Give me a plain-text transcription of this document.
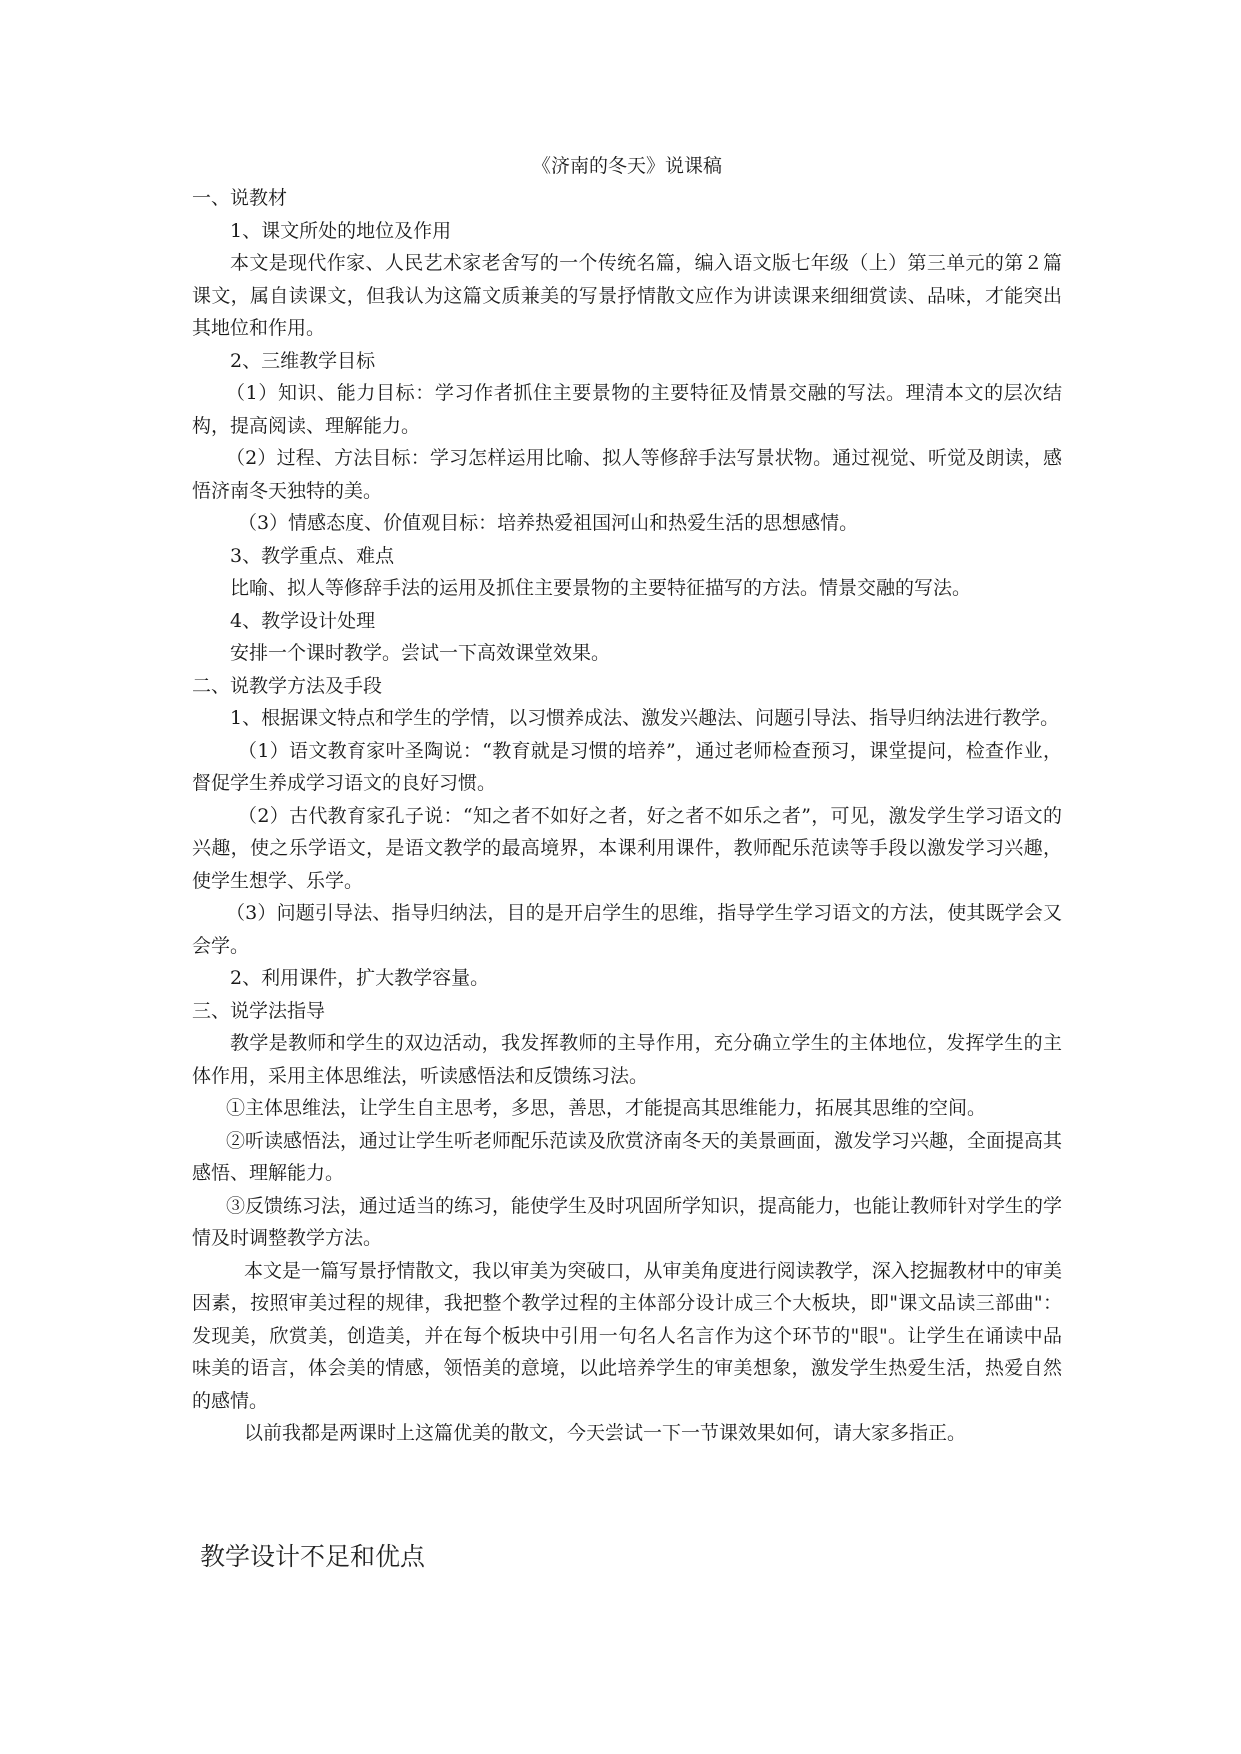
《济南的冬天》说课稿

一、说教材

1、课文所处的地位及作用

本文是现代作家、人民艺术家老舍写的一个传统名篇，编入语文版七年级（上）第三单元的第２篇课文，属自读课文，但我认为这篇文质兼美的写景抒情散文应作为讲读课来细细赏读、品味，才能突出其地位和作用。

2、三维教学目标

（1）知识、能力目标：学习作者抓住主要景物的主要特征及情景交融的写法。理清本文的层次结构，提高阅读、理解能力。

（2）过程、方法目标：学习怎样运用比喻、拟人等修辞手法写景状物。通过视觉、听觉及朗读，感悟济南冬天独特的美。

（3）情感态度、价值观目标：培养热爱祖国河山和热爱生活的思想感情。

3、教学重点、难点

比喻、拟人等修辞手法的运用及抓住主要景物的主要特征描写的方法。情景交融的写法。

4、教学设计处理

安排一个课时教学。尝试一下高效课堂效果。

二、说教学方法及手段

1、根据课文特点和学生的学情，以习惯养成法、激发兴趣法、问题引导法、指导归纳法进行教学。

（1）语文教育家叶圣陶说：“教育就是习惯的培养”，通过老师检查预习，课堂提问，检查作业，督促学生养成学习语文的良好习惯。

（2）古代教育家孔子说：“知之者不如好之者，好之者不如乐之者”，可见，激发学生学习语文的兴趣，使之乐学语文，是语文教学的最高境界，本课利用课件，教师配乐范读等手段以激发学习兴趣，使学生想学、乐学。

（3）问题引导法、指导归纳法，目的是开启学生的思维，指导学生学习语文的方法，使其既学会又会学。

2、利用课件，扩大教学容量。

三、说学法指导

教学是教师和学生的双边活动，我发挥教师的主导作用，充分确立学生的主体地位，发挥学生的主体作用，采用主体思维法，听读感悟法和反馈练习法。

①主体思维法，让学生自主思考，多思，善思，才能提高其思维能力，拓展其思维的空间。

②听读感悟法，通过让学生听老师配乐范读及欣赏济南冬天的美景画面，激发学习兴趣，全面提高其感悟、理解能力。

③反馈练习法，通过适当的练习，能使学生及时巩固所学知识，提高能力，也能让教师针对学生的学情及时调整教学方法。

本文是一篇写景抒情散文，我以审美为突破口，从审美角度进行阅读教学，深入挖掘教材中的审美因素，按照审美过程的规律，我把整个教学过程的主体部分设计成三个大板块，即"课文品读三部曲"：发现美，欣赏美，创造美，并在每个板块中引用一句名人名言作为这个环节的"眼"。让学生在诵读中品味美的语言，体会美的情感，领悟美的意境，以此培养学生的审美想象，激发学生热爱生活，热爱自然的感情。

以前我都是两课时上这篇优美的散文，今天尝试一下一节课效果如何，请大家多指正。

教学设计不足和优点
